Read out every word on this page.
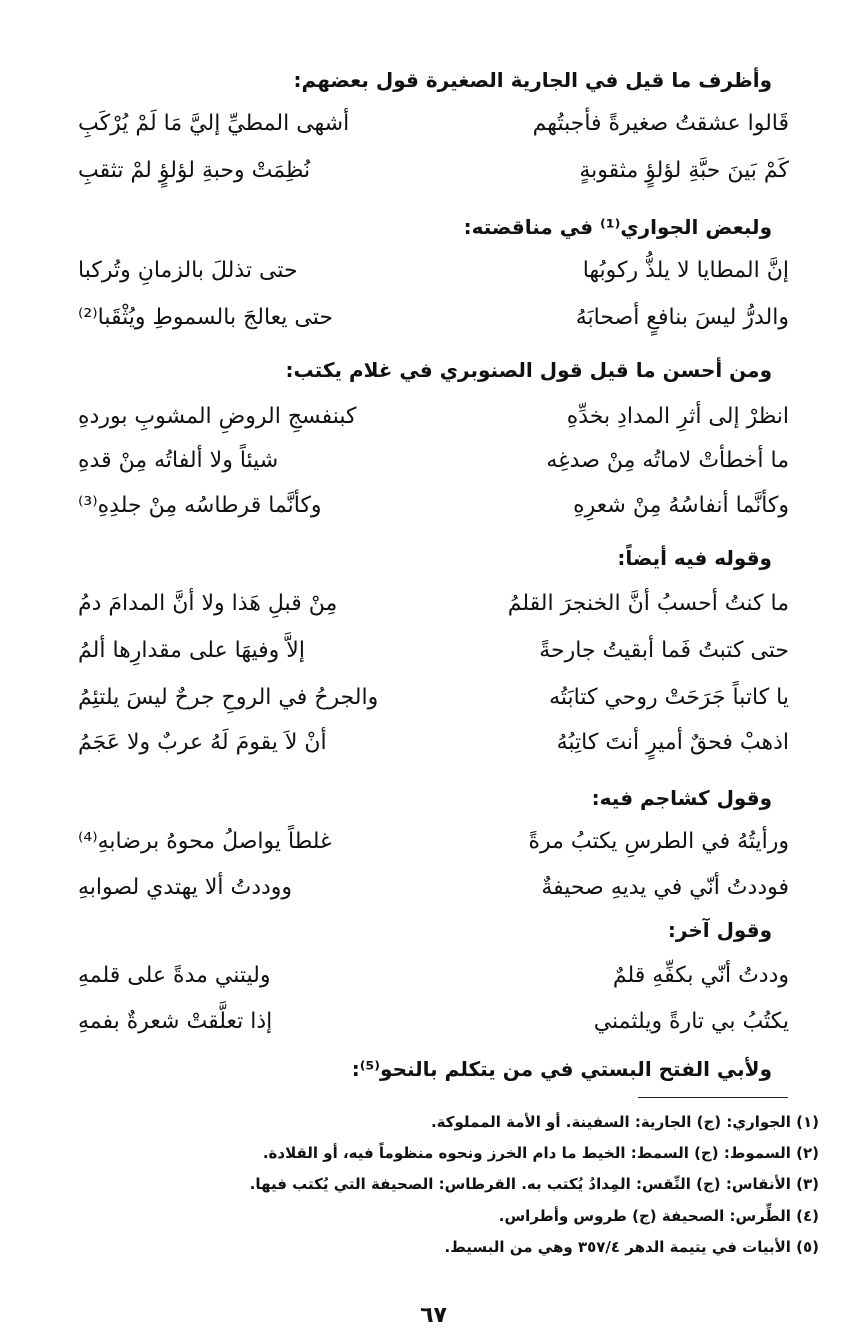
وأظرف ما قيل في الجارية الصغيرة قول بعضهم:
قَالوا عشقتُ صغيرةً فأجبتُهم
أشهى المطيِّ إليَّ مَا لَمْ يُرْكَبِ
كَمْ بَينَ حبَّةِ لؤلؤٍ مثقوبةٍ
نُظِمَتْ وحبةِ لؤلؤٍ لمْ تثقبِ
ولبعض الجواري⁽¹⁾ في مناقضته:
إنَّ المطايا لا يلذُّ ركوبُها
حتى تذللَ بالزمانِ وتُركبا
والدرُّ ليسَ بنافعٍ أصحابَهُ
حتى يعالجَ بالسموطِ ويُثْقَبا⁽²⁾
ومن أحسن ما قيل قول الصنوبري في غلام يكتب:
انظرْ إلى أثرِ المدادِ بخدِّهِ
كبنفسجِ الروضِ المشوبِ بوردهِ
ما أخطأتْ لاماتُه مِنْ صدغِه
شيئاً ولا ألفاتُه مِنْ قدهِ
وكأنَّما أنفاسُهُ مِنْ شعرِهِ
وكأنَّما قرطاسُه مِنْ جلدِهِ⁽³⁾
وقوله فيه أيضاً:
ما كنتُ أحسبُ أنَّ الخنجرَ القلمُ
مِنْ قبلِ هَذا ولا أنَّ المدامَ دمُ
حتى كتبتُ فَما أبقيتُ جارحةً
إلاَّ وفيهَا على مقدارِها ألمُ
يا كاتباً جَرَحَتْ روحي كتابَتُه
والجرحُ في الروحِ جرحٌ ليسَ يلتئِمُ
اذهبْ فحقٌ أميرٍ أنتَ كاتِبُهُ
أنْ لاَ يقومَ لَهُ عربٌ ولا عَجَمُ
وقول كشاجم فيه:
ورأيتُهُ في الطرسِ يكتبُ مرةً
غلطاً يواصلُ محوهُ برضابهِ⁽⁴⁾
فوددتُ أنّي في يديهِ صحيفةٌ
ووددتُ ألا يهتدي لصوابهِ
وقول آخر:
وددتُ أنّي بكفِّهِ قلمٌ
وليتني مدةً على قلمهِ
يكتُبُ بي تارةً ويلثمني
إذا تعلَّقتْ شعرةٌ بفمهِ
ولأبي الفتح البستي في من يتكلم بالنحو⁽⁵⁾:
(١) الجواري: (ج) الجارية: السفينة. أو الأمة المملوكة.
(٢) السموط: (ج) السمط: الخيط ما دام الخرز ونحوه منظوماً فيه، أو القلادة.
(٣) الأنقاس: (ج) النِّقس: المِدادُ يُكتب به. القرطاس: الصحيفة التي يُكتب فيها.
(٤) الطِّرس: الصحيفة (ج) طروس وأطراس.
(٥) الأبيات في يتيمة الدهر ٣٥٧/٤ وهي من البسيط.
٦٧
